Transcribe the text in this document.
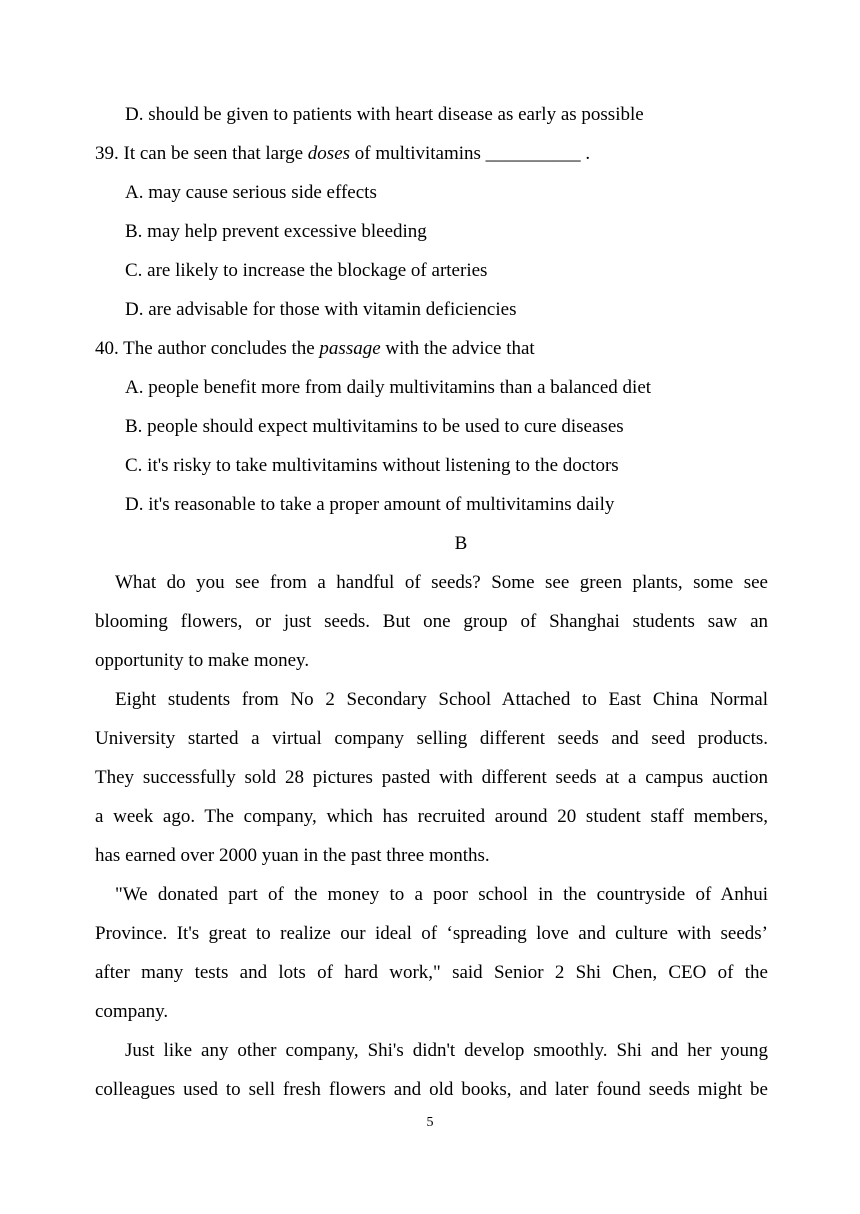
D. should be given to patients with heart disease as early as possible
39. It can be seen that large doses of multivitamins __________ .
A. may cause serious side effects
B. may help prevent excessive bleeding
C. are likely to increase the blockage of arteries
D. are advisable for those with vitamin deficiencies
40. The author concludes the passage with the advice that
A. people benefit more from daily multivitamins than a balanced diet
B. people should expect multivitamins to be used to cure diseases
C. it's risky to take multivitamins without listening to the doctors
D. it's reasonable to take a proper amount of multivitamins daily
B
What do you see from a handful of seeds? Some see green plants, some see
blooming flowers, or just seeds. But one group of Shanghai students saw an
opportunity to make money.
Eight students from No 2 Secondary School Attached to East China Normal
University started a virtual company selling different seeds and seed products.
They successfully sold 28 pictures pasted with different seeds at a campus auction
a week ago. The company, which has recruited around 20 student staff members,
has earned over 2000 yuan in the past three months.
"We donated part of the money to a poor school in the countryside of Anhui
Province. It's great to realize our ideal of ‘spreading love and culture with seeds’
after many tests and lots of hard work," said Senior 2 Shi Chen, CEO of the
company.
Just like any other company, Shi's didn't develop smoothly. Shi and her young
colleagues used to sell fresh flowers and old books, and later found seeds might be
5
